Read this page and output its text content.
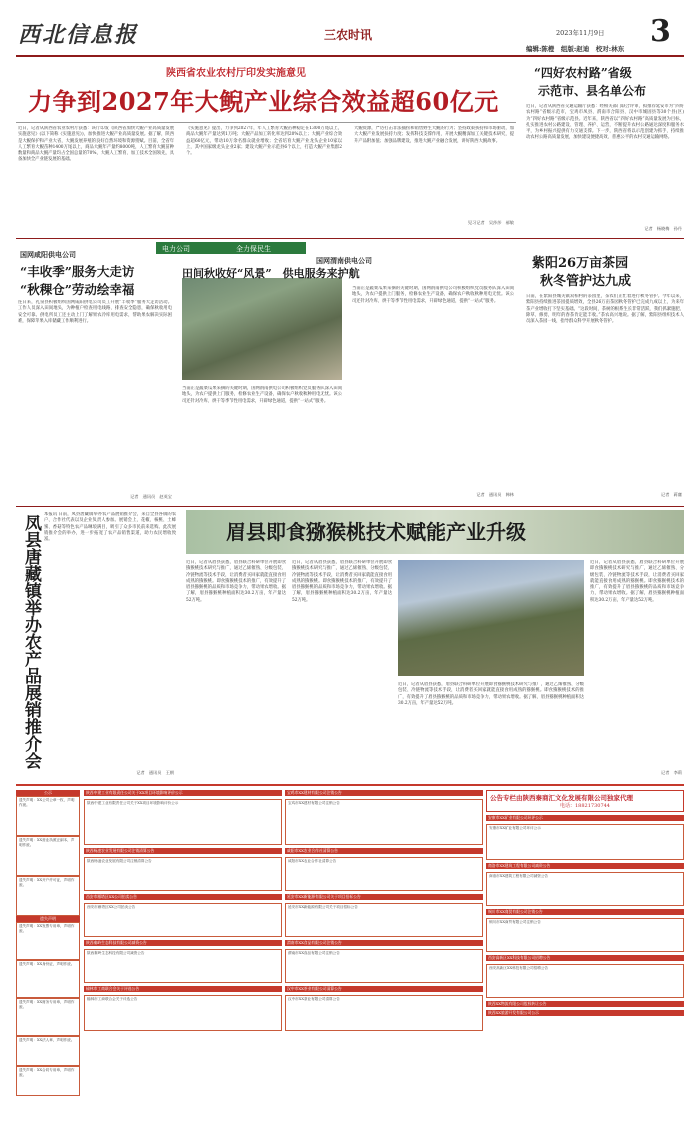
西北信息报	三农时讯	2023年11月9日
编辑:陈橙　组版:赵迪　校对:林东 3
陕西省农业农村厅印发实施意见
力争到2027年大鲵产业综合效益超60亿元
近日，记者从陕西省农业农村厅获悉：该厅印发《陕西省加快大鲵产业高质量发展实施意见》(以下简称《实施意见》)，加快推进大鲵产业高质量发展。据了解，陕西是大鲵保护和产业大省，大鲵发展养殖的良好自然环境和资源禀赋。目前，全省年人工繁育大鲵苗种1400万尾以上，商品大鲵年产量约8000吨，人工繁育大鲵苗种数量和商品大鲵产量均占全国总量的70%，大鲵人工繁育、加工技术全国领先，具备加快全产业链发展的基础。
《实施意见》提出，力争到2027年，年人工繁育大鲵苗种稳定在1300万尾以上，商品大鲵年产量达到1万吨；大鲵产品加工转化率达到20%以上；大鲵产业综合效益超60亿元，带动10万余名群众就业增收；全省培育大鲵产业龙头企业10家以上，其中国家级龙头企业2家；建设大鲵产业示范县6个以上，打造大鲵产业集群2个。
大鲵资源，严厉打击非法捕捞和销售野生大鲵的行为；坚持政策扶持和市场驱动，加大大鲵产业发展扶持力度；发挥科技支撑作用，开展大鲵精深加工关键技术研究，提升产品附加值；加强品牌建设，推进大鲵产业融合发展，讲好陕西大鲵故事。
见习记者　吴莎莎　郝敏
“四好农村路”省级
示范市、县名单公布
近日，记者从陕西省交通运输厅获悉：经相关部门联合评审，拟推荐延安市为“四好农村路”省级示范市，宝鸡市凤县、渭南市合阳县、汉中市城固县等30个县(区)为“四好农村路”省级示范县。近年来，陕西省以“四好农村路”高质量发展为目标，扎实推进农村公路建设、管理、养护、运营，不断提升农村公路通达深度和服务水平，为乡村振兴提供有力交通支撑。下一步，陕西省将以示范创建为抓手，持续推动农村公路高质量发展，加快建设便捷高效、普惠公平的农村交通运输网络。
记者　杨晓梅　孙丹
电力公司	全力保民生
国网咸阳供电公司
“丰收季”服务大走访
“秋稞仓”劳动绘幸福
连日来，礼泉县积极组织国网咸阳供电公司员工开展“丰收季”服务大走访活动。工作人员深入田间地头，为种植户检查用电线路、排查安全隐患，确保秋收用电安全可靠。供电所员工还主动上门了解果农冷库用电需求，帮助果农解决实际困难，保障苹果入库储藏工作顺利进行。
记者　通讯员　赵英宝
国网渭南供电公司
田间秋收好“风景”　供电服务来护航
当前正是蔬菜瓜果采摘的关键时期，国网渭南供电公司积极组织党员服务队深入田间地头，为农户提供上门服务，检修农业生产设备，确保农户秋收秋种用电无忧。该公司还针对冷库、烘干等季节性用电需求，开辟绿色通道，提供“一站式”服务。
当前正是蔬菜瓜果采摘的关键时期，国网渭南供电公司积极组织党员服务队深入田间地头，为农户提供上门服务，检修农业生产设备，确保农户秋收秋种用电无忧。该公司还针对冷库、烘干等季节性用电需求，开辟绿色通道，提供“一站式”服务。
记者　通讯员　韩林
紫阳26万亩茶园
秋冬管护达九成
日前，在紫阳县城关镇双柏村的茶园里，茶农们正忙着进行秋冬管护。今年以来，紫阳县持续推进茶园提质增效，全县26万亩茶园秋冬管护已完成九成以上，为来年茶产业增收打下坚实基础。“这段时间，茶树的根系生长非常活跃，我们抓紧施肥、除草、修剪，明年的春茶肯定能丰收。”茶农高兴地说。据了解，紫阳县组织技术人员深入茶园一线，指导群众科学开展秋冬管护。
记者　蒋庸
凤县唐藏镇举办农产品展销推介会 本报讯 日前，凤县唐藏镇举办农产品展销推介会，来自全县各镇的农户、合作社代表以及企业负责人参加。展销会上，花椒、核桃、土蜂蜜、香菇等特色农产品琳琅满目，吸引了众多市民前来选购。此次展销推介会的举办，进一步拓宽了农产品销售渠道，助力农民增收致富。
记者　通讯员　王朝
眉县即食猕猴桃技术赋能产业升级
近日，记者从眉县获悉，眉县联合科研单位开展即食猕猴桃技术研究与推广，通过乙烯催熟、分级包装、冷链物流等技术手段，让消费者买回家就能直接食用成熟的猕猴桃。即食猕猴桃技术的推广，有效提升了眉县猕猴桃的品质和市场竞争力，带动果农增收。据了解，眉县猕猴桃种植面积达30.2万亩，年产量达52万吨。
近日，记者从眉县获悉，眉县联合科研单位开展即食猕猴桃技术研究与推广，通过乙烯催熟、分级包装、冷链物流等技术手段，让消费者买回家就能直接食用成熟的猕猴桃。即食猕猴桃技术的推广，有效提升了眉县猕猴桃的品质和市场竞争力，带动果农增收。据了解，眉县猕猴桃种植面积达30.2万亩，年产量达52万吨。
近日，记者从眉县获悉，眉县联合科研单位开展即食猕猴桃技术研究与推广，通过乙烯催熟、分级包装、冷链物流等技术手段，让消费者买回家就能直接食用成熟的猕猴桃。即食猕猴桃技术的推广，有效提升了眉县猕猴桃的品质和市场竞争力，带动果农增收。据了解，眉县猕猴桃种植面积达30.2万亩，年产量达52万吨。
近日，记者从眉县获悉，眉县联合科研单位开展即食猕猴桃技术研究与推广，通过乙烯催熟、分级包装、冷链物流等技术手段，让消费者买回家就能直接食用成熟的猕猴桃。即食猕猴桃技术的推广，有效提升了眉县猕猴桃的品质和市场竞争力，带动果农增收。据了解，眉县猕猴桃种植面积达30.2万亩，年产量达52万吨。
记者　李莉
公示
遗失声明：XX公司公章一枚，声明作废。
遗失声明：XX营业执照正副本，声明作废。
遗失声明：XX开户许可证，声明作废。
遗失声明
遗失声明：XX发票专用章，声明作废。
遗失声明：XX身份证，声明作废。
遗失声明：XX财务专用章，声明作废。
遗失声明：XX法人章，声明作废。
遗失声明：XX合同专用章，声明作废。
陕西中建工业有限责任公司关于XX项目环境影响评价公示
陕西中建工业有限责任公司关于XX项目环境影响评价公示
陕西杨凌农业发展有限公司注销清算公告
陕西杨凌农业发展有限公司注销清算公告
西安市雁塔区XX公司拍卖公告
西安市雁塔区XX公司拍卖公告
陕西秦岭生态科技有限公司减资公告
陕西秦岭生态科技有限公司减资公告
榆林市工商联合会关于评选公告
榆林市工商联合会关于评选公告
宝鸡市XX建材有限公司注销公告
宝鸡市XX建材有限公司注销公告
咸阳市XX农业合作社清算公告
咸阳市XX农业合作社清算公告
延安市XX新能源有限公司关于项目招标公告
延安市XX新能源有限公司关于项目招标公告
渭南市XX食品有限公司注销公告
渭南市XX食品有限公司注销公告
汉中市XX茶业有限公司清算公告
汉中市XX茶业有限公司清算公告
公告专栏由陕西秦商汇文化发展有限公司独家代理
电话：18821730744
安康市XX矿业有限公司环评公示
安康市XX矿业有限公司环评公示
商洛市XX建筑工程有限公司减资公告
商洛市XX建筑工程有限公司减资公告
铜川市XX商贸有限公司注销公告
铜川市XX商贸有限公司注销公告
西安高新区XX科技有限公司招聘公告
西安高新区XX科技有限公司招聘公告
陕西XX物流有限公司股权转让公告
陕西XX旅游开发有限公司公示
